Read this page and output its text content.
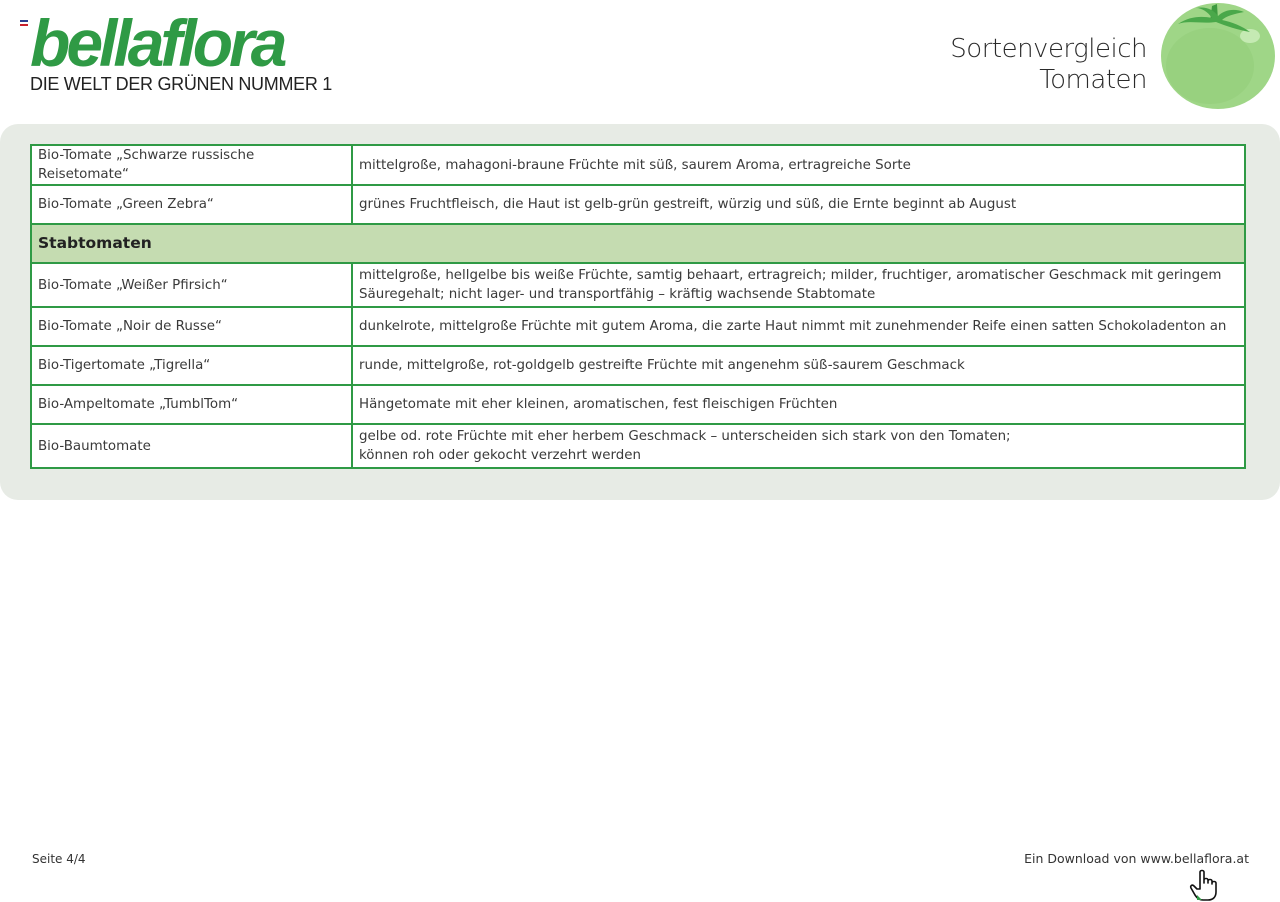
bellaflora
DIE WELT DER GRÜNEN NUMMER 1
Sortenvergleich
Tomaten
Bio-Tomate „Schwarze russische Reisetomate“	mittelgroße, mahagoni-braune Früchte mit süß, saurem Aroma, ertragreiche Sorte

Bio-Tomate „Green Zebra“	grünes Fruchtfleisch, die Haut ist gelb-grün gestreift, würzig und süß, die Ernte beginnt ab August

Stabtomaten	
Bio-Tomate „Weißer Pfirsich“	mittelgroße, hellgelbe bis weiße Früchte, samtig behaart, ertragreich; milder, fruchtiger, aromatischer Geschmack mit geringem
Säuregehalt; nicht lager- und transportfähig – kräftig wachsende Stabtomate

Bio-Tomate „Noir de Russe“	dunkelrote, mittelgroße Früchte mit gutem Aroma, die zarte Haut nimmt mit zunehmender Reife einen satten Schokoladenton an

Bio-Tigertomate „Tigrella“	runde, mittelgroße, rot-goldgelb gestreifte Früchte mit angenehm süß-saurem Geschmack

Bio-Ampeltomate „TumblTom“	Hängetomate mit eher kleinen, aromatischen, fest fleischigen Früchten

Bio-Baumtomate	gelbe od. rote Früchte mit eher herbem Geschmack – unterscheiden sich stark von den Tomaten;
können roh oder gekocht verzehrt werden
Seite 4/4	Ein Download von www.bellaflora.at
